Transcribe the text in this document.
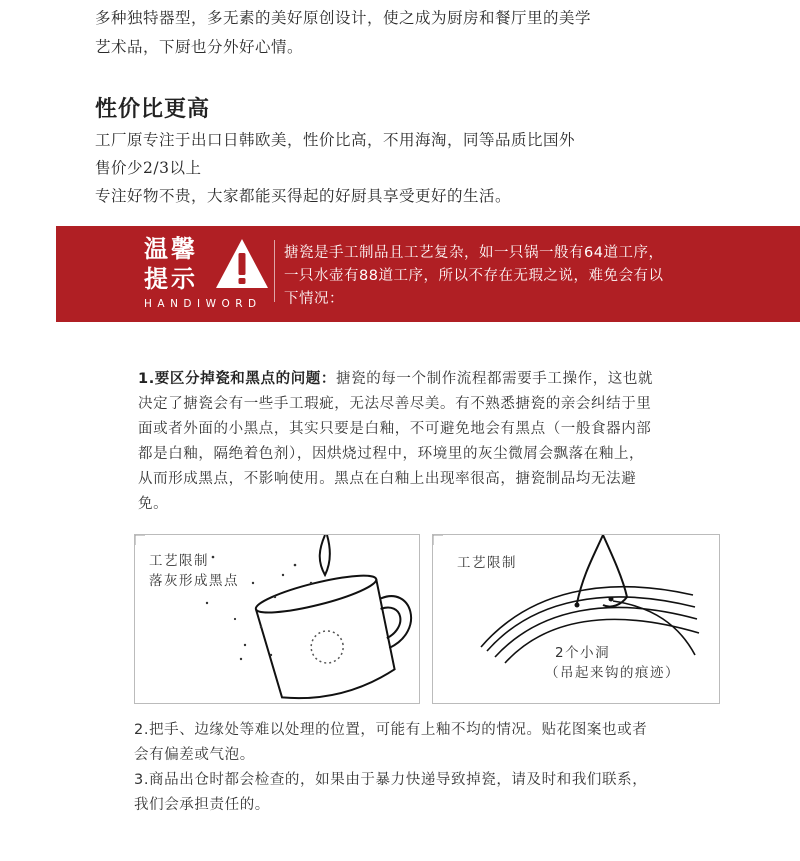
多种独特器型，多无素的美好原创设计，使之成为厨房和餐厅里的美学

艺术品，下厨也分外好心情。

性价比更高

工厂原专注于出口日韩欧美，性价比高，不用海淘，同等品质比国外

售价少2/3以上

专注好物不贵，大家都能买得起的好厨具享受更好的生活。

温馨
提示
HANDIWORD
搪瓷是手工制品且工艺复杂，如一只锅一般有64道工序，
一只水壶有88道工序，所以不存在无瑕之说，难免会有以
下情况：

1.要区分掉瓷和黑点的问题：搪瓷的每一个制作流程都需要手工操作，这也就

决定了搪瓷会有一些手工瑕疵，无法尽善尽美。有不熟悉搪瓷的亲会纠结于里

面或者外面的小黑点，其实只要是白釉，不可避免地会有黑点（一般食器内部

都是白釉，隔绝着色剂），因烘烧过程中，环境里的灰尘微屑会飘落在釉上，

从而形成黑点，不影响使用。黑点在白釉上出现率很高，搪瓷制品均无法避

免。

工艺限制
落灰形成黑点
工艺限制
2个小洞
（吊起来钩的痕迹）

2.把手、边缘处等难以处理的位置，可能有上釉不均的情况。贴花图案也或者

会有偏差或气泡。

3.商品出仓时都会检查的，如果由于暴力快递导致掉瓷，请及时和我们联系，

我们会承担责任的。
